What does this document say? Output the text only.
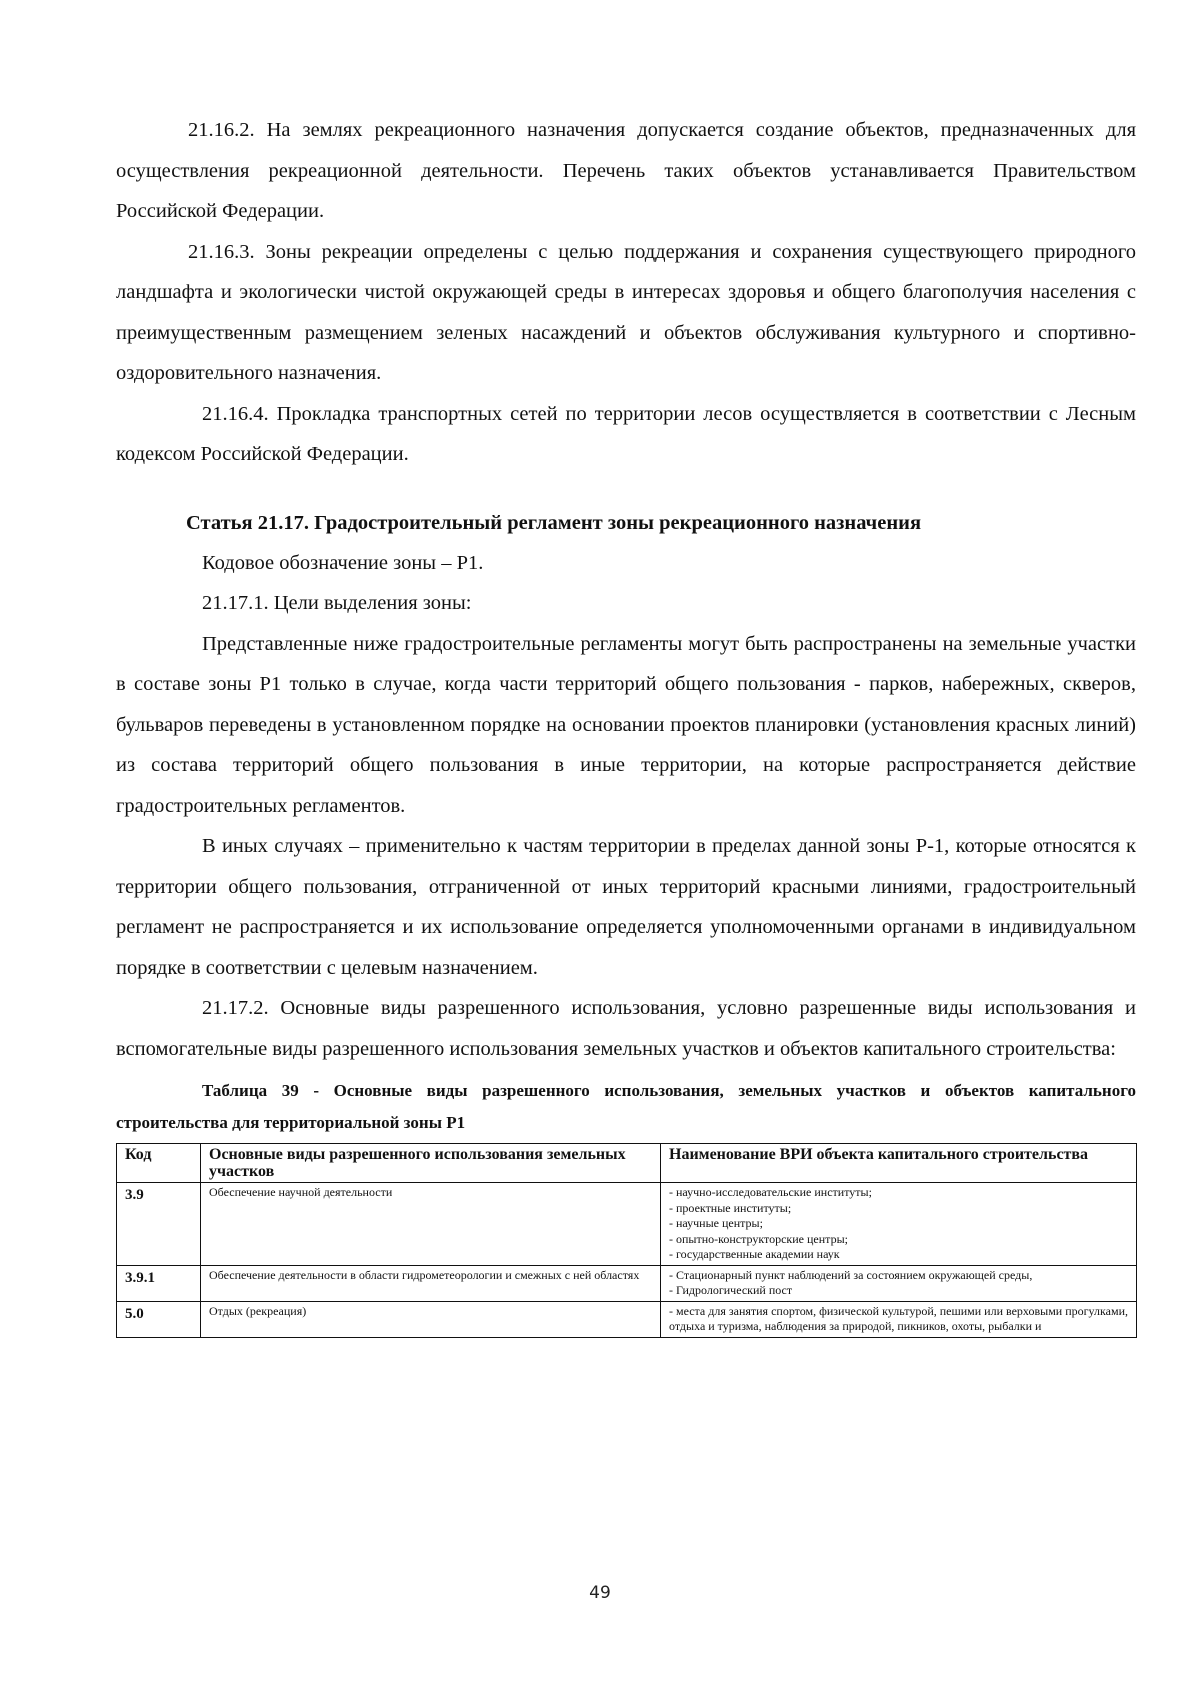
21.16.2. На землях рекреационного назначения допускается создание объектов, предназначенных для осуществления рекреационной деятельности. Перечень таких объектов устанавливается Правительством Российской Федерации.

21.16.3. Зоны рекреации определены с целью поддержания и сохранения существующего природного ландшафта и экологически чистой окружающей среды в интересах здоровья и общего благополучия населения с преимущественным размещением зеленых насаждений и объектов обслуживания культурного и спортивно-оздоровительного назначения.

21.16.4. Прокладка транспортных сетей по территории лесов осуществляется в соответствии с Лесным кодексом Российской Федерации.

Статья 21.17. Градостроительный регламент зоны рекреационного назначения

Кодовое обозначение зоны – Р1.

21.17.1. Цели выделения зоны:

Представленные ниже градостроительные регламенты могут быть распространены на земельные участки в составе зоны Р1 только в случае, когда части территорий общего пользования - парков, набережных, скверов, бульваров переведены в установленном порядке на основании проектов планировки (установления красных линий) из состава территорий общего пользования в иные территории, на которые распространяется действие градостроительных регламентов.

В иных случаях – применительно к частям территории в пределах данной зоны Р-1, которые относятся к территории общего пользования, отграниченной от иных территорий красными линиями, градостроительный регламент не распространяется и их использование определяется уполномоченными органами в индивидуальном порядке в соответствии с целевым назначением.

21.17.2. Основные виды разрешенного использования, условно разрешенные виды использования и вспомогательные виды разрешенного использования земельных участков и объектов капитального строительства:

Таблица 39 - Основные виды разрешенного использования, земельных участков и объектов капитального строительства для территориальной зоны Р1
Код	Основные виды разрешенного использования земельных участков	Наименование ВРИ объекта капитального строительства
3.9	Обеспечение научной деятельности	- научно-исследовательские институты;
- проектные институты;
- научные центры;
- опытно-конструкторские центры;
- государственные академии наук

3.9.1	Обеспечение деятельности в области гидрометеорологии и смежных с ней областях	- Стационарный пункт наблюдений за состоянием окружающей среды,
- Гидрологический пост

5.0	Отдых (рекреация)	- места для занятия спортом, физической культурой, пешими или верховыми прогулками, отдыха и туризма, наблюдения за природой, пикников, охоты, рыбалки и
49
